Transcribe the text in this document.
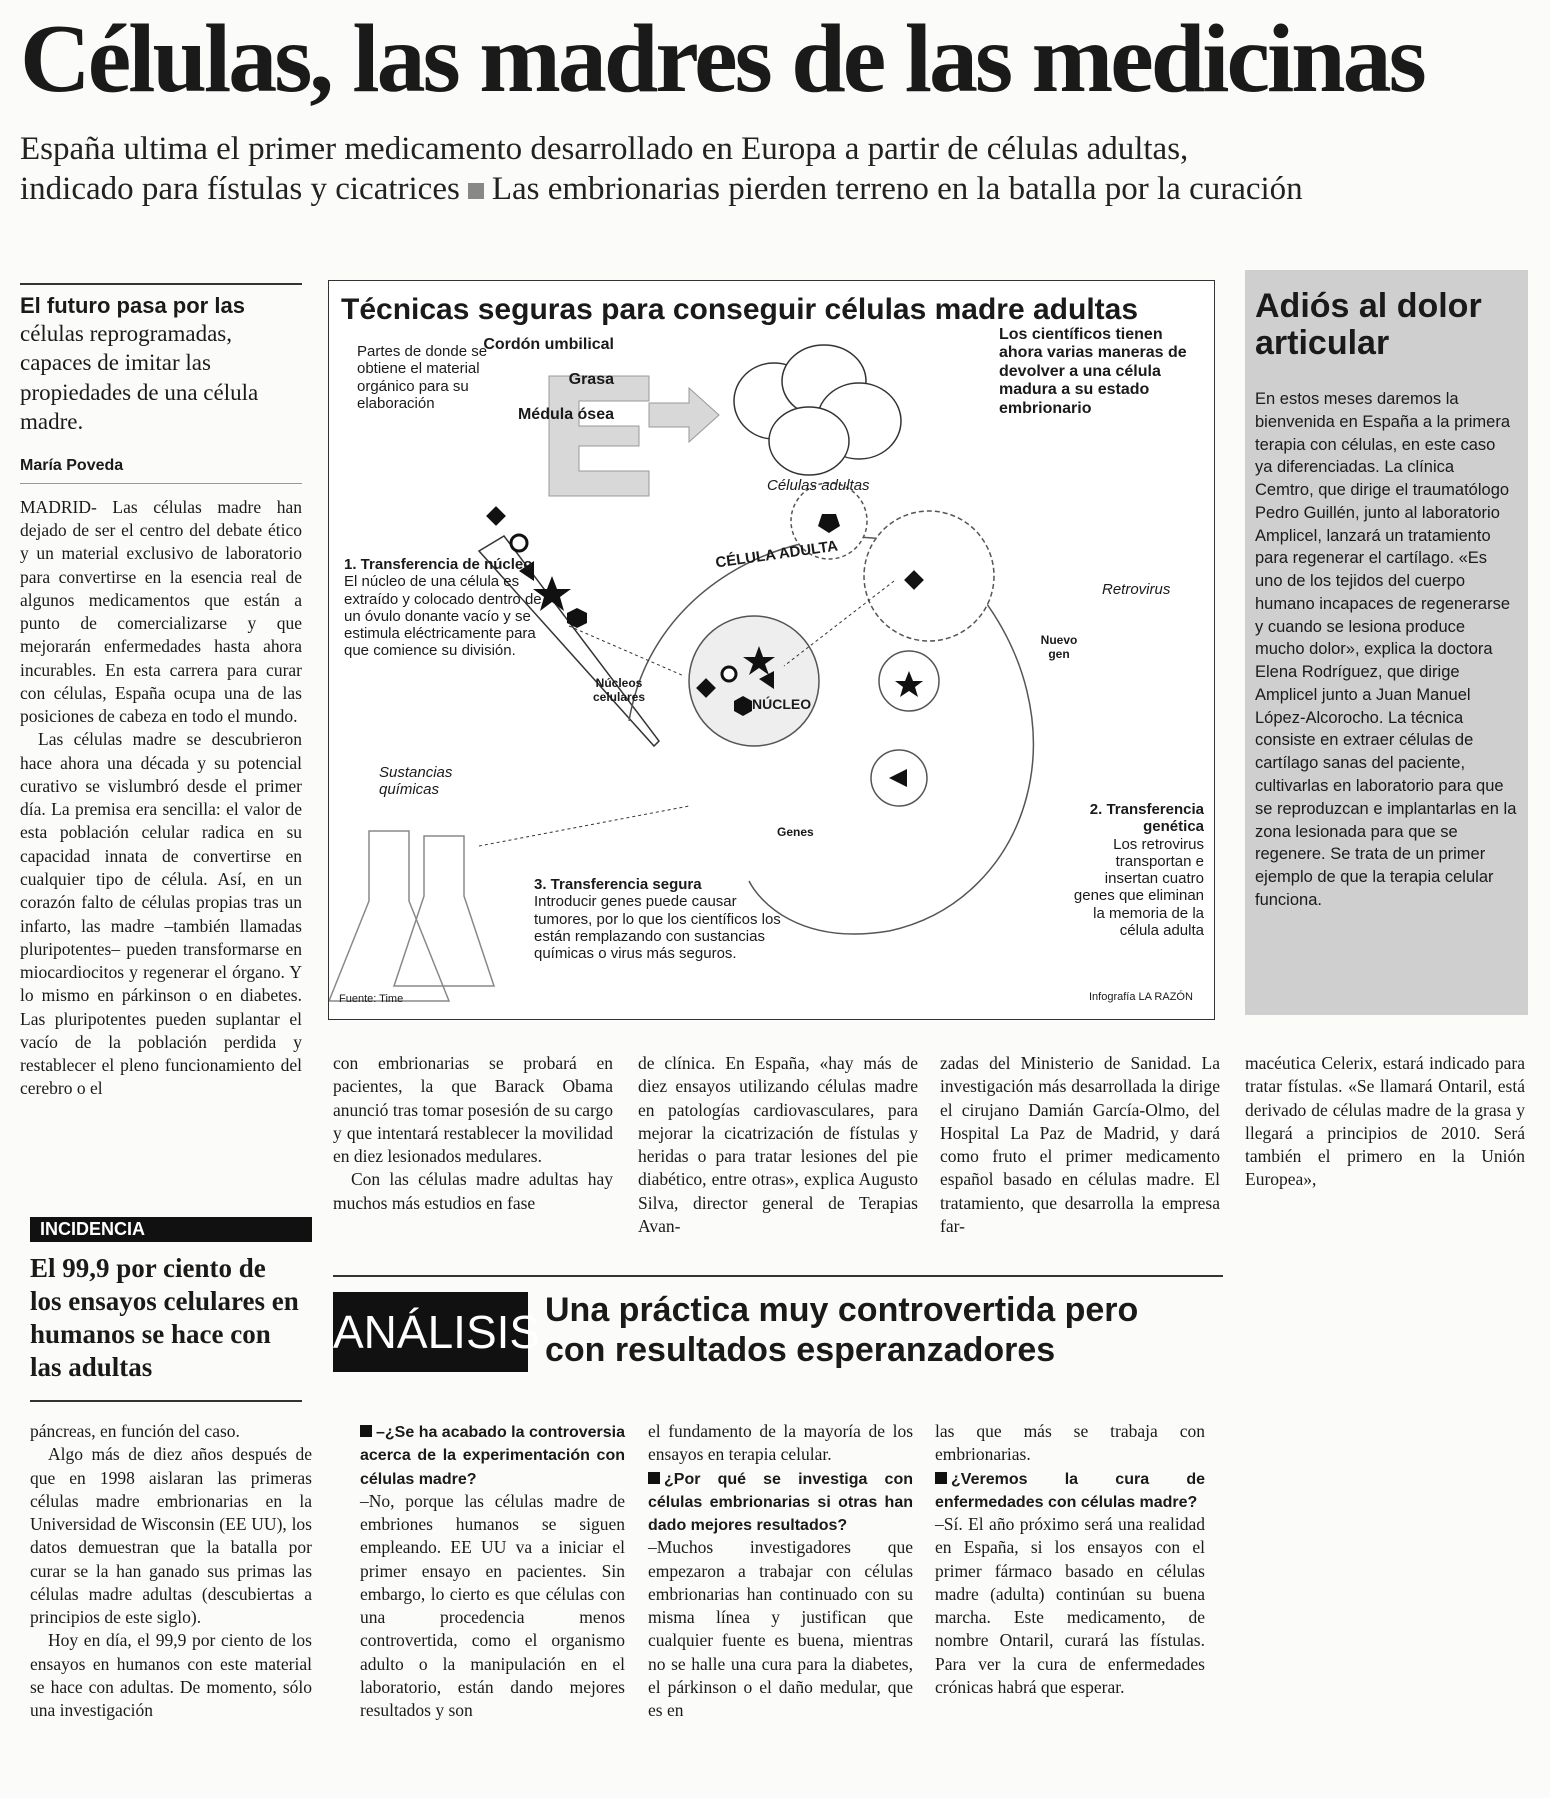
Células, las madres de las medicinas
España ultima el primer medicamento desarrollado en Europa a partir de células adultas,
indicado para fístulas y cicatrices Las embrionarias pierden terreno en la batalla por la curación
El futuro pasa por las
células reprogramadas, capaces de imitar las propiedades de una célula madre.
María Poveda

MADRID- Las células madre han dejado de ser el centro del debate ético y un material exclusivo de laboratorio para convertirse en la esencia real de algunos medicamentos que están a punto de comercializarse y que mejorarán enfermedades hasta ahora incurables. En esta carrera para curar con células, España ocupa una de las posiciones de cabeza en todo el mundo.

Las células madre se descubrieron hace ahora una década y su potencial curativo se vislumbró desde el primer día. La premisa era sencilla: el valor de esta población celular radica en su capacidad innata de convertirse en cualquier tipo de célula. Así, en un corazón falto de células propias tras un infarto, las madre –también llamadas pluripotentes– pueden transformarse en miocardiocitos y regenerar el órgano. Y lo mismo en párkinson o en diabetes. Las pluripotentes pueden suplantar el vacío de la población perdida y restablecer el pleno funcionamiento del cerebro o el

INCIDENCIA
El 99,9 por ciento de los ensayos celulares en humanos se hace con las adultas

páncreas, en función del caso.

Algo más de diez años después de que en 1998 aislaran las primeras células madre embrionarias en la Universidad de Wisconsin (EE UU), los datos demuestran que la batalla por curar se la han ganado sus primas las células madre adultas (descubiertas a principios de este siglo).

Hoy en día, el 99,9 por ciento de los ensayos en humanos con este material se hace con adultas. De momento, sólo una investigación

Técnicas seguras para conseguir células madre adultas
Partes de donde se obtiene el material orgánico para su elaboración
Cordón umbilical
Grasa
Médula ósea
Células adultas
Los científicos tienen ahora varias maneras de devolver a una célula madura a su estado embrionario
CÉLULA ADULTA
NÚCLEO
Genes
Núcleos celulares
Retrovirus
Nuevo gen
1. Transferencia de núcleo
El núcleo de una célula es extraído y colocado dentro de un óvulo donante vacío y se estimula eléctricamente para que comience su división.
Sustancias químicas
2. Transferencia genética
Los retrovirus transportan e insertan cuatro genes que eliminan la memoria de la célula adulta
3. Transferencia segura
Introducir genes puede causar tumores, por lo que los científicos los están remplazando con sustancias químicas o virus más seguros.
Fuente: Time	Infografía LA RAZÓN
Adiós al dolor articular
En estos meses daremos la bienvenida en España a la primera terapia con células, en este caso ya diferenciadas. La clínica Cemtro, que dirige el traumatólogo Pedro Guillén, junto al laboratorio Amplicel, lanzará un tratamiento para regenerar el cartílago. «Es uno de los tejidos del cuerpo humano incapaces de regenerarse y cuando se lesiona produce mucho dolor», explica la doctora Elena Rodríguez, que dirige Amplicel junto a Juan Manuel López-Alcorocho. La técnica consiste en extraer células de cartílago sanas del paciente, cultivarlas en laboratorio para que se reproduzcan e implantarlas en la zona lesionada para que se regenere. Se trata de un primer ejemplo de que la terapia celular funciona.

con embrionarias se probará en pacientes, la que Barack Obama anunció tras tomar posesión de su cargo y que intentará restablecer la movilidad en diez lesionados medulares.

Con las células madre adultas hay muchos más estudios en fase

de clínica. En España, «hay más de diez ensayos utilizando células madre en patologías cardiovasculares, para mejorar la cicatrización de fístulas y heridas o para tratar lesiones del pie diabético, entre otras», explica Augusto Silva, director general de Terapias Avan-

zadas del Ministerio de Sanidad. La investigación más desarrollada la dirige el cirujano Damián García-Olmo, del Hospital La Paz de Madrid, y dará como fruto el primer medicamento español basado en células madre. El tratamiento, que desarrolla la empresa far-

macéutica Celerix, estará indicado para tratar fístulas. «Se llamará Ontaril, está derivado de células madre de la grasa y llegará a principios de 2010. Será también el primero en la Unión Europea»,

ANÁLISIS Una práctica muy controvertida pero
con resultados esperanzadores

–¿Se ha acabado la controversia acerca de la experimentación con células madre?

–No, porque las células madre de embriones humanos se siguen empleando. EE UU va a iniciar el primer ensayo en pacientes. Sin embargo, lo cierto es que células con una procedencia menos controvertida, como el organismo adulto o la manipulación en el laboratorio, están dando mejores resultados y son

el fundamento de la mayoría de los ensayos en terapia celular.

¿Por qué se investiga con células embrionarias si otras han dado mejores resultados?

–Muchos investigadores que empezaron a trabajar con células embrionarias han continuado con su misma línea y justifican que cualquier fuente es buena, mientras no se halle una cura para la diabetes, el párkinson o el daño medular, que es en

las que más se trabaja con embrionarias.

¿Veremos la cura de enfermedades con células madre?

–Sí. El año próximo será una realidad en España, si los ensayos con el primer fármaco basado en células madre (adulta) continúan su buena marcha. Este medicamento, de nombre Ontaril, curará las fístulas. Para ver la cura de enfermedades crónicas habrá que esperar.
